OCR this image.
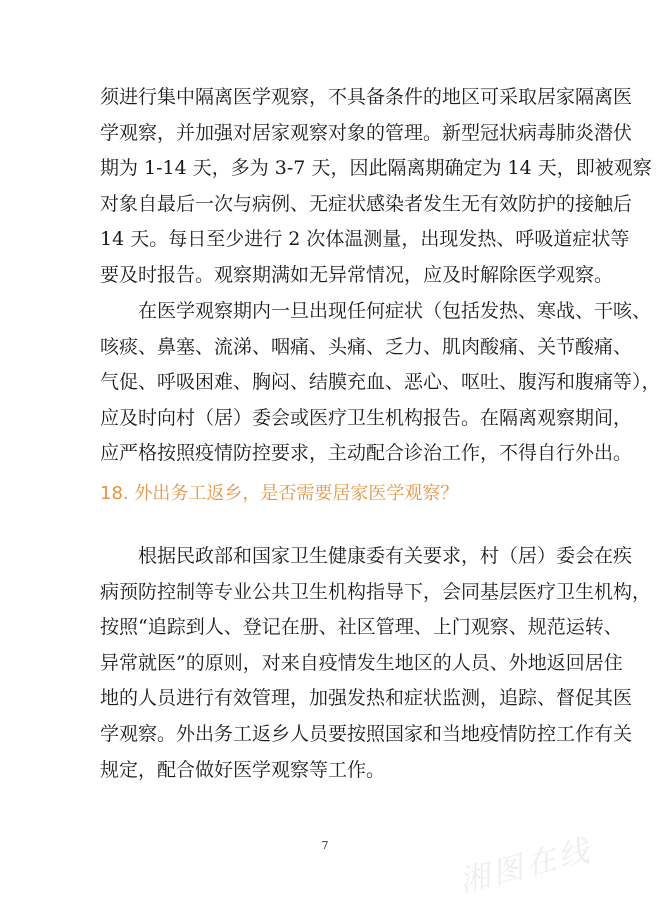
须进行集中隔离医学观察，不具备条件的地区可采取居家隔离医
学观察，并加强对居家观察对象的管理。新型冠状病毒肺炎潜伏
期为 1-14 天，多为 3-7 天，因此隔离期确定为 14 天，即被观察
对象自最后一次与病例、无症状感染者发生无有效防护的接触后
14 天。每日至少进行 2 次体温测量，出现发热、呼吸道症状等
要及时报告。观察期满如无异常情况，应及时解除医学观察。
在医学观察期内一旦出现任何症状（包括发热、寒战、干咳、
咳痰、鼻塞、流涕、咽痛、头痛、乏力、肌肉酸痛、关节酸痛、
气促、呼吸困难、胸闷、结膜充血、恶心、呕吐、腹泻和腹痛等），
应及时向村（居）委会或医疗卫生机构报告。在隔离观察期间，
应严格按照疫情防控要求，主动配合诊治工作，不得自行外出。
18. 外出务工返乡，是否需要居家医学观察？
根据民政部和国家卫生健康委有关要求，村（居）委会在疾
病预防控制等专业公共卫生机构指导下，会同基层医疗卫生机构，
按照“追踪到人、登记在册、社区管理、上门观察、规范运转、
异常就医”的原则，对来自疫情发生地区的人员、外地返回居住
地的人员进行有效管理，加强发热和症状监测，追踪、督促其医
学观察。外出务工返乡人员要按照国家和当地疫情防控工作有关
规定，配合做好医学观察等工作。
7	湘图在线
